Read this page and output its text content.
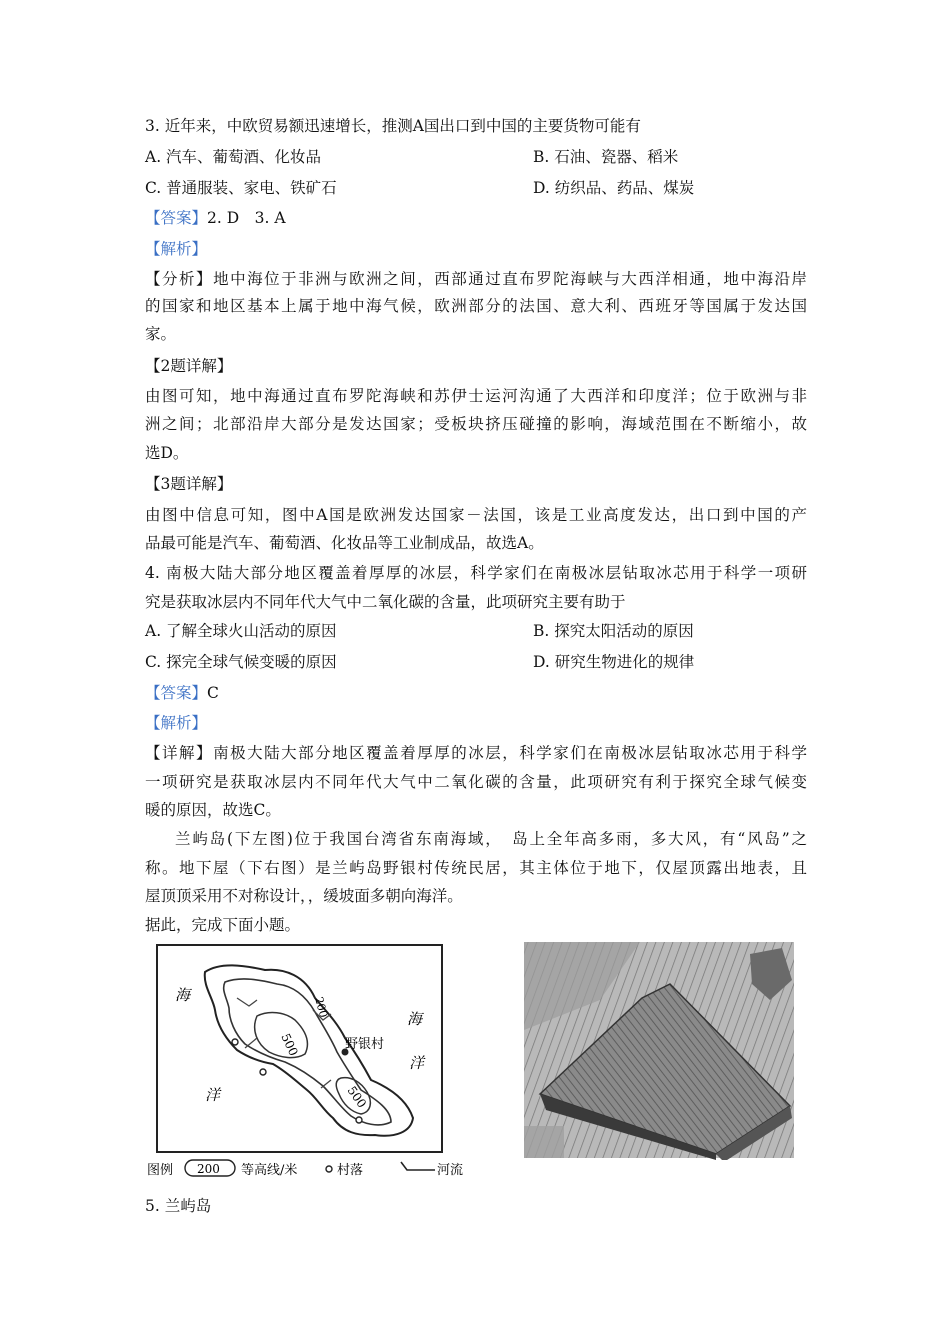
3. 近年来，中欧贸易额迅速增长，推测A国出口到中国的主要货物可能有
A. 汽车、葡萄酒、化妆品	B. 石油、瓷器、稻米
C. 普通服装、家电、铁矿石	D. 纺织品、药品、煤炭
【答案】2. D　3. A
【解析】
【分析】地中海位于非洲与欧洲之间，西部通过直布罗陀海峡与大西洋相通，地中海沿岸
的国家和地区基本上属于地中海气候，欧洲部分的法国、意大利、西班牙等国属于发达国
家。
【2题详解】
由图可知，地中海通过直布罗陀海峡和苏伊士运河沟通了大西洋和印度洋；位于欧洲与非
洲之间；北部沿岸大部分是发达国家；受板块挤压碰撞的影响，海域范围在不断缩小，故
选D。
【3题详解】
由图中信息可知，图中A国是欧洲发达国家－法国，该是工业高度发达，出口到中国的产
品最可能是汽车、葡萄酒、化妆品等工业制成品，故选A。
4. 南极大陆大部分地区覆盖着厚厚的冰层，科学家们在南极冰层钻取冰芯用于科学一项研
究是获取冰层内不同年代大气中二氧化碳的含量，此项研究主要有助于
A. 了解全球火山活动的原因	B. 探究太阳活动的原因
C. 探完全球气候变暖的原因	D. 研究生物进化的规律
【答案】C
【解析】
【详解】南极大陆大部分地区覆盖着厚厚的冰层，科学家们在南极冰层钻取冰芯用于科学
一项研究是获取冰层内不同年代大气中二氧化碳的含量，此项研究有利于探究全球气候变
暖的原因，故选C。
兰屿岛(下左图)位于我国台湾省东南海域，　岛上全年高多雨，多大风，有“风岛”之
称。地下屋（下右图）是兰屿岛野银村传统民居，其主体位于地下，仅屋顶露出地表，且
屋顶顶采用不对称设计，，缓坡面多朝向海洋。
据此，完成下面小题。
海
海
洋
洋
野银村
200
500
500
图例 200 等高线/米	村落	河流
5. 兰屿岛
